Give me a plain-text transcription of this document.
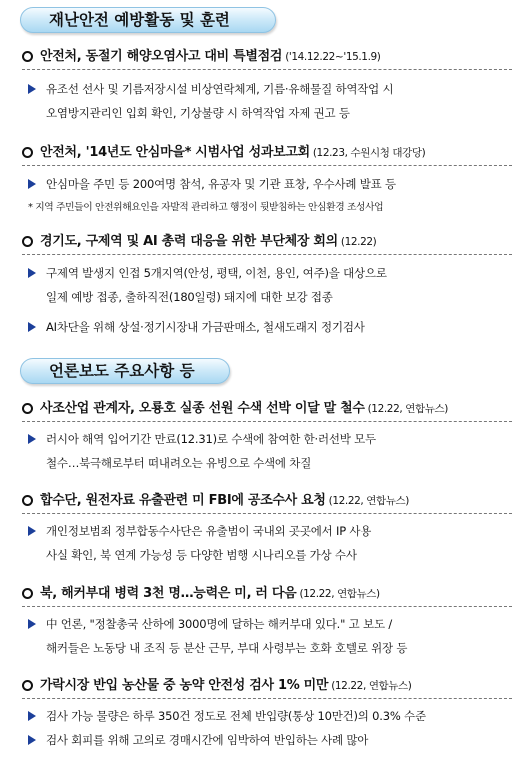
재난안전 예방활동 및 훈련
안전처, 동절기 해양오염사고 대비 특별점검 ('14.12.22~'15.1.9)
유조선 선사 및 기름저장시설 비상연락체계, 기름·유해물질 하역작업 시
오염방지관리인 입회 확인, 기상불량 시 하역작업 자제 권고 등
안전처, '14년도 안심마을* 시범사업 성과보고회 (12.23, 수원시청 대강당)
안심마을 주민 등 200여명 참석, 유공자 및 기관 표창, 우수사례 발표 등
* 지역 주민들이 안전위해요인을 자발적 관리하고 행정이 뒷받침하는 안심환경 조성사업
경기도, 구제역 및 AI 총력 대응을 위한 부단체장 회의 (12.22)
구제역 발생지 인접 5개지역(안성, 평택, 이천, 용인, 여주)을 대상으로
일제 예방 접종, 출하직전(180일령) 돼지에 대한 보강 접종
AI차단을 위해 상설·정기시장내 가금판매소, 철새도래지 정기검사
언론보도 주요사항 등
사조산업 관계자, 오룡호 실종 선원 수색 선박 이달 말 철수 (12.22, 연합뉴스)
러시아 해역 입어기간 만료(12.31)로 수색에 참여한 한·러선박 모두
철수…북극해로부터 떠내려오는 유빙으로 수색에 차질
합수단, 원전자료 유출관련 미 FBI에 공조수사 요청 (12.22, 연합뉴스)
개인정보범죄 정부합동수사단은 유출범이 국내외 곳곳에서 IP 사용
사실 확인, 북 연계 가능성 등 다양한 범행 시나리오를 가상 수사
북, 해커부대 병력 3천 명…능력은 미, 러 다음 (12.22, 연합뉴스)
中 언론, "정찰총국 산하에 3000명에 달하는 해커부대 있다." 고 보도 /
해커들은 노동당 내 조직 등 분산 근무, 부대 사령부는 호화 호텔로 위장 등
가락시장 반입 농산물 중 농약 안전성 검사 1% 미만 (12.22, 연합뉴스)
검사 가능 물량은 하루 350건 정도로 전체 반입량(통상 10만건)의 0.3% 수준
검사 회피를 위해 고의로 경매시간에 임박하여 반입하는 사례 많아
